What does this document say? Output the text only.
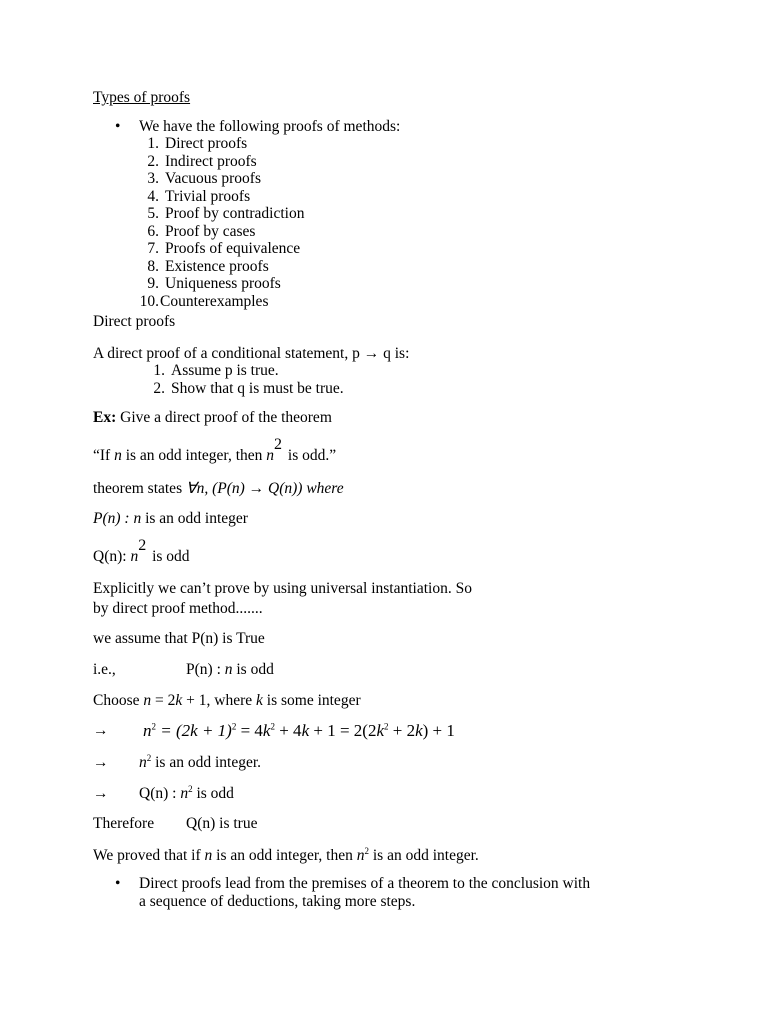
Types of proofs
• We have the following proofs of methods:
1. Direct proofs
2. Indirect proofs
3. Vacuous proofs
4. Trivial proofs
5. Proof by contradiction
6. Proof by cases
7. Proofs of equivalence
8. Existence proofs
9. Uniqueness proofs
10.Counterexamples
Direct proofs
A direct proof of a conditional statement, p → q is:
1. Assume p is true.
2. Show that q is must be true.
Ex: Give a direct proof of the theorem
“If n is an odd integer, then $n^2$ is odd.”
theorem states ∀n, (P(n) → Q(n)) where
P(n) : n is an odd integer
Q(n): $n^2$ is odd
Explicitly we can’t prove by using universal instantiation. So
by direct proof method.......
we assume that P(n) is True
i.e.,	P(n) : n is odd
Choose n = 2k + 1, where k is some integer
→ $n^2 = (2k + 1)^2 = 4k^2 + 4k + 1 = 2(2k^2 + 2k) + 1$
→ $n^2$ is an odd integer.
→ Q(n) : $n^2$ is odd
Therefore Q(n) is true
We proved that if n is an odd integer, then $n^2$ is an odd integer.
• Direct proofs lead from the premises of a theorem to the conclusion with
a sequence of deductions, taking more steps.
